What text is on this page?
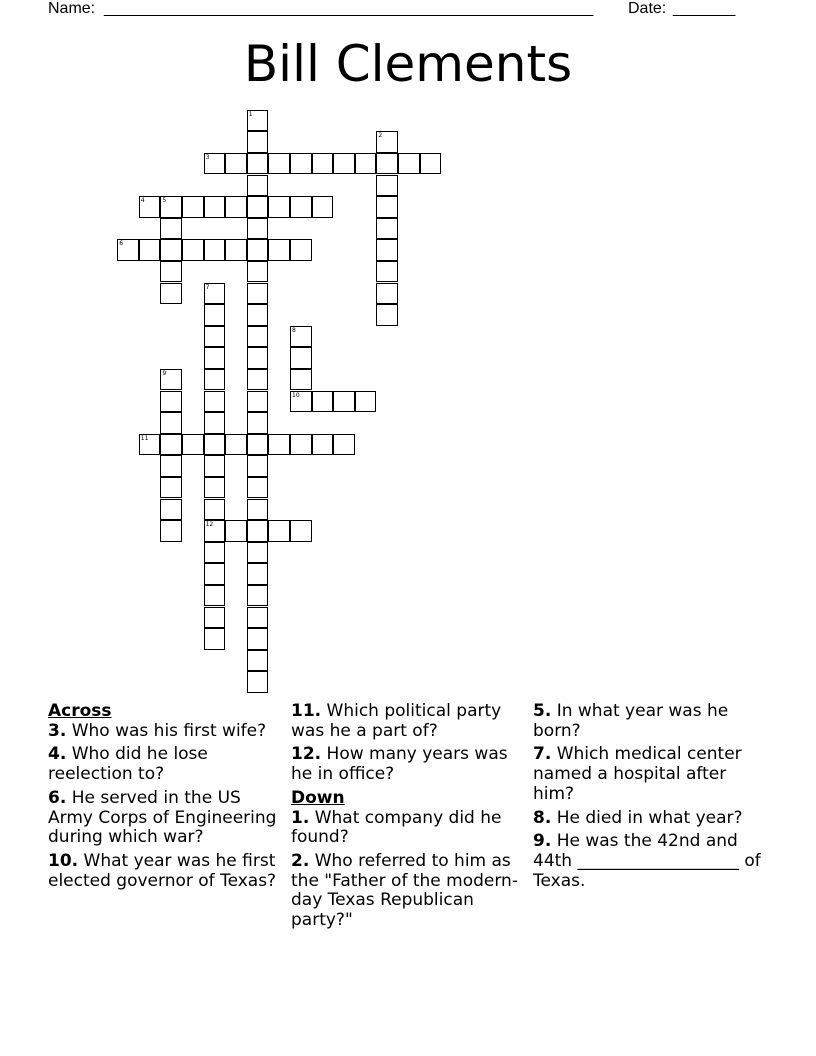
Name: _______________________________________________________ Date: _______
Bill Clements
1
2
3
4	5
6
7
8
9
10
11
12
Across
3. Who was his first wife?
4. Who did he lose reelection to?
6. He served in the US Army Corps of Engineering during which war?
10. What year was he first elected governor of Texas?
11. Which political party was he a part of?
12. How many years was he in office?
Down
1. What company did he found?
2. Who referred to him as the "Father of the modern-day Texas Republican party?"
5. In what year was he born?
7. Which medical center named a hospital after him?
8. He died in what year?
9. He was the 42nd and 44th ___________________ of Texas.
